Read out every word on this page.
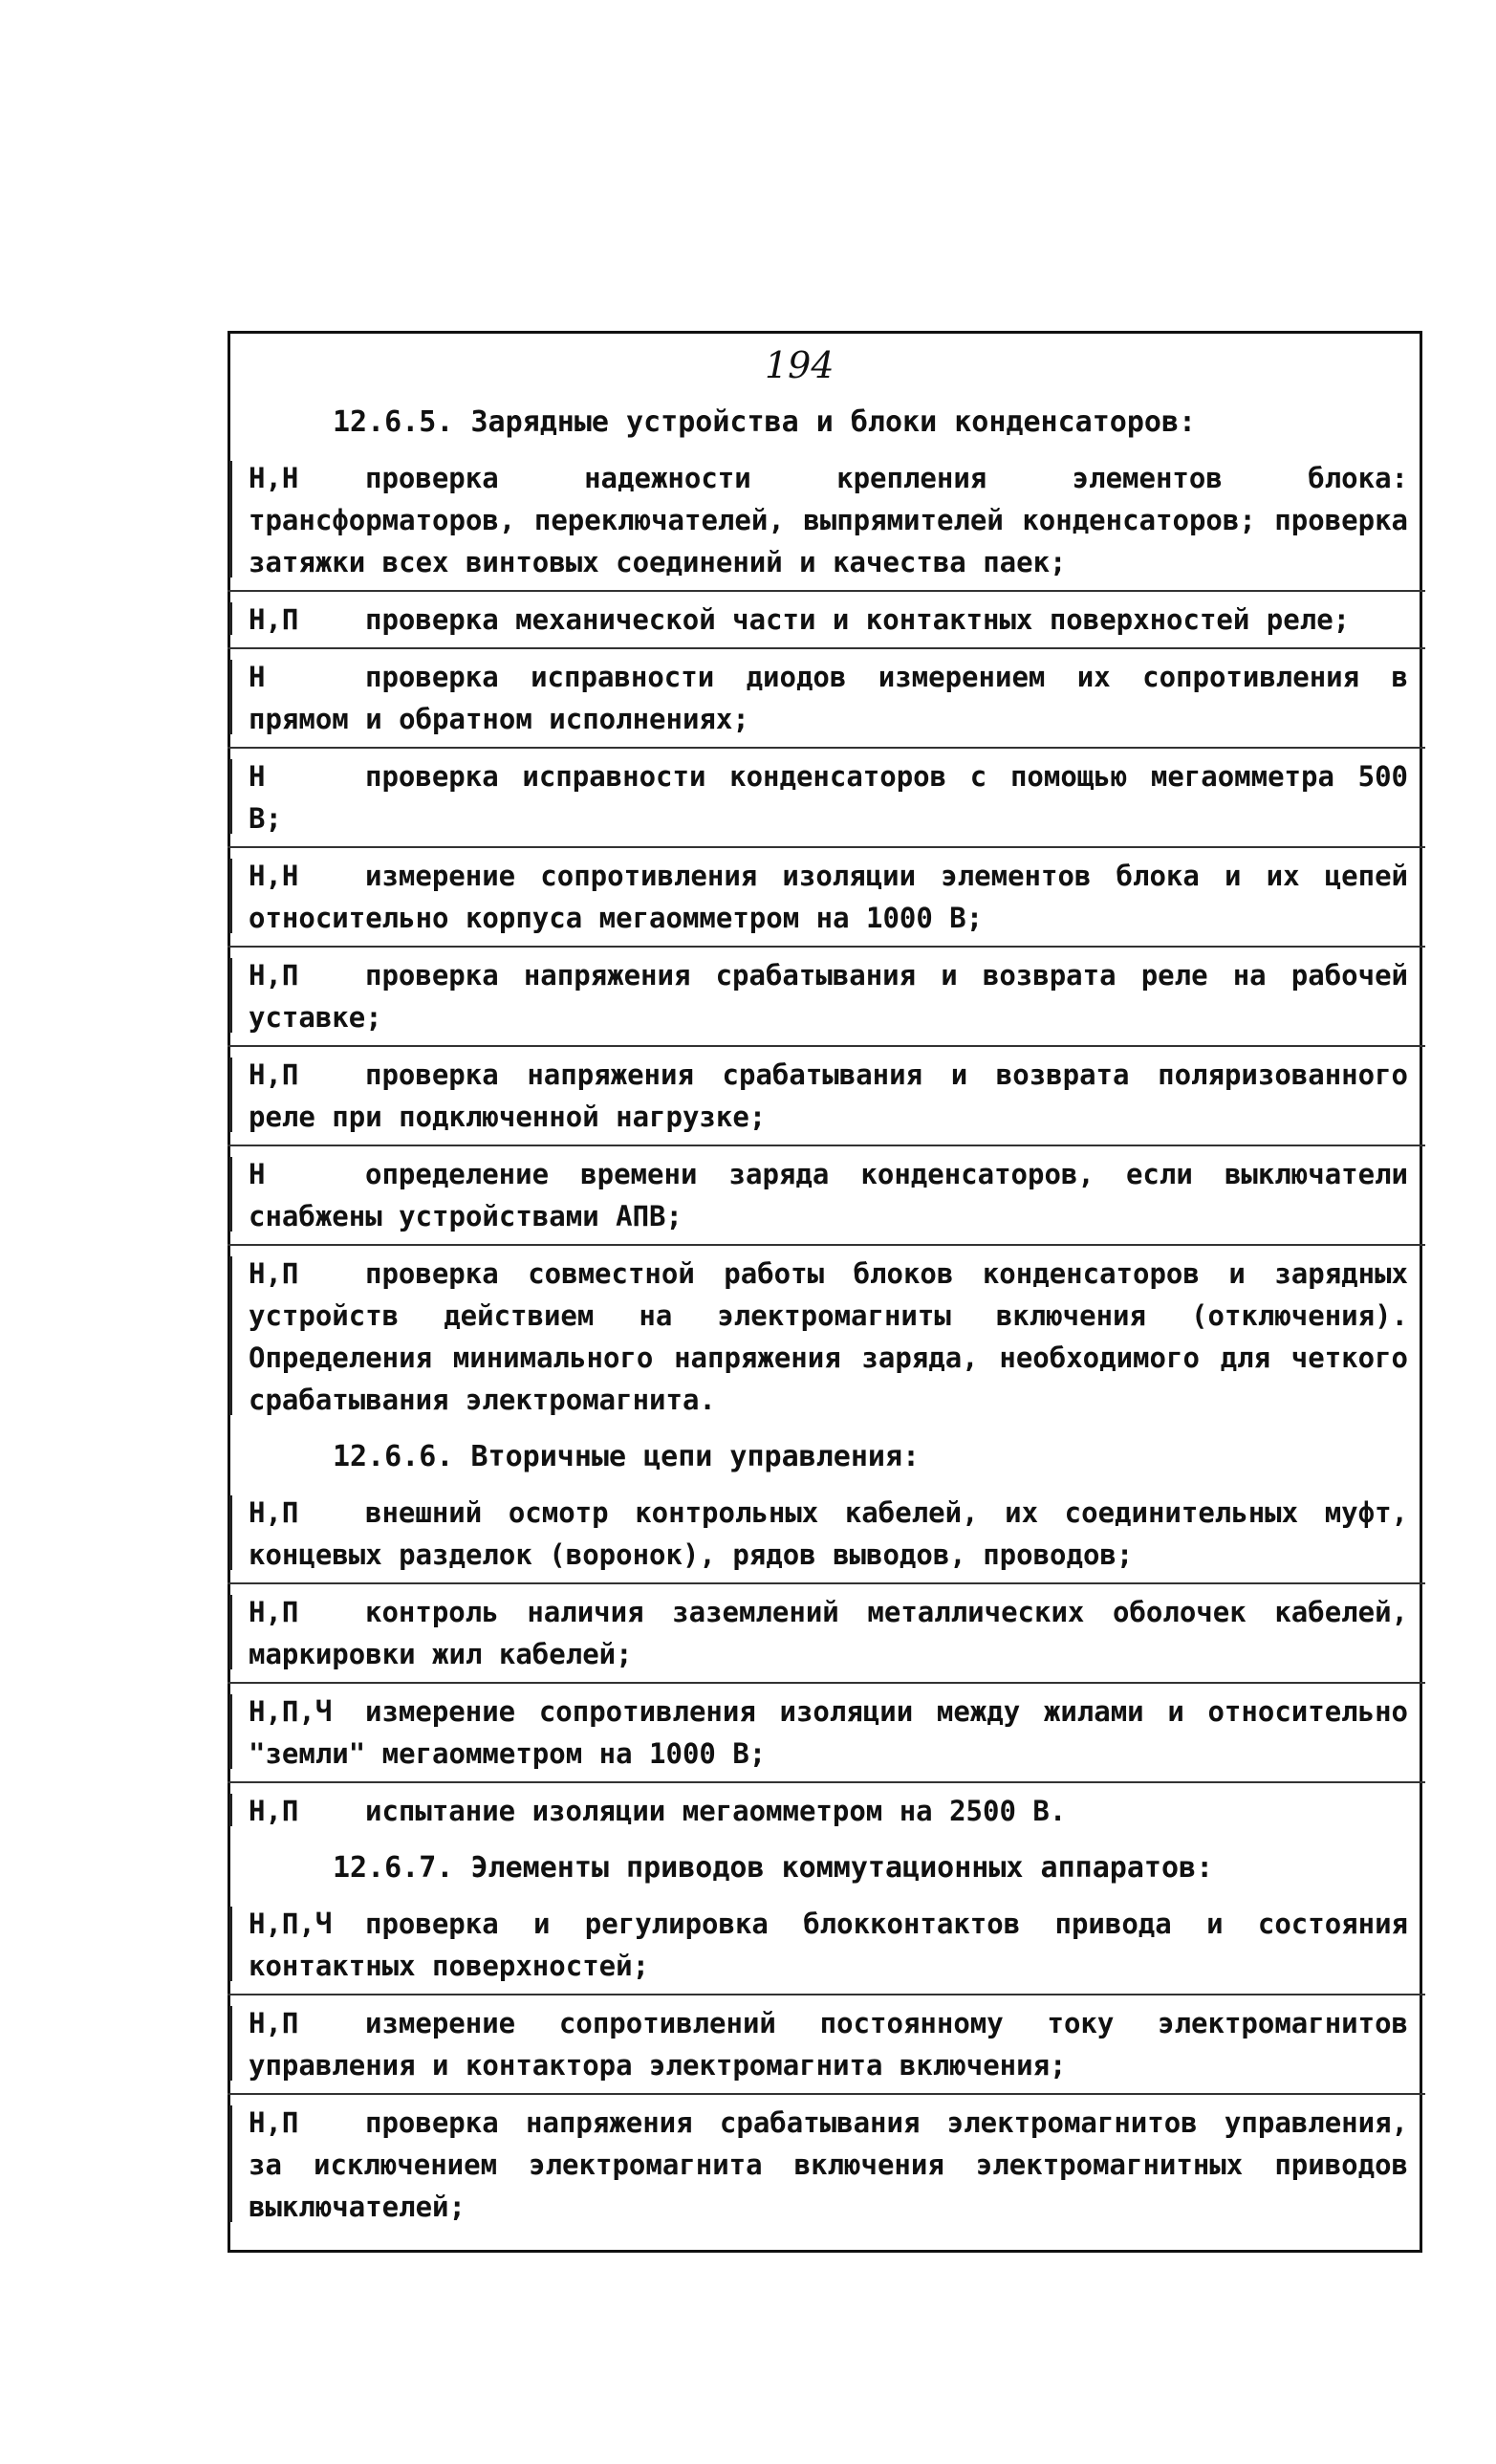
194
12.6.5. Зарядные устройства и блоки конденсаторов:
Н,Н проверка надежности крепления элементов блока: трансформаторов, переключателей, выпрямителей конденсаторов; проверка затяжки всех винтовых соединений и качества паек;
Н,П проверка механической части и контактных поверхностей реле;
Н	проверка исправности диодов измерением их сопротивления в прямом и обратном исполнениях;
Н	проверка исправности конденсаторов с помощью мегаомметра 500 В;
Н,Н измерение сопротивления изоляции элементов блока и их цепей относительно корпуса мегаомметром на 1000 В;
Н,П проверка напряжения срабатывания и возврата реле на рабочей уставке;
Н,П проверка напряжения срабатывания и возврата поляризованного реле при подключенной нагрузке;
Н	определение времени заряда конденсаторов, если выключатели снабжены устройствами АПВ;
Н,П проверка совместной работы блоков конденсаторов и зарядных устройств действием на электромагниты включения (отключения). Определения минимального напряжения заряда, необходимого для четкого срабатывания электромагнита.
12.6.6. Вторичные цепи управления:
Н,П внешний осмотр контрольных кабелей, их соединительных муфт, концевых разделок (воронок), рядов выводов, проводов;
Н,П контроль наличия заземлений металлических оболочек кабелей, маркировки жил кабелей;
Н,П,Ч измерение сопротивления изоляции между жилами и относительно "земли" мегаомметром на 1000 В;
Н,П испытание изоляции мегаомметром на 2500 В.
12.6.7. Элементы приводов коммутационных аппаратов:
Н,П,Ч проверка и регулировка блокконтактов привода и состояния контактных поверхностей;
Н,П измерение сопротивлений постоянному току электромагнитов управления и контактора электромагнита включения;
Н,П проверка напряжения срабатывания электромагнитов управления, за исключением электромагнита включения электромагнитных приводов выключателей;
